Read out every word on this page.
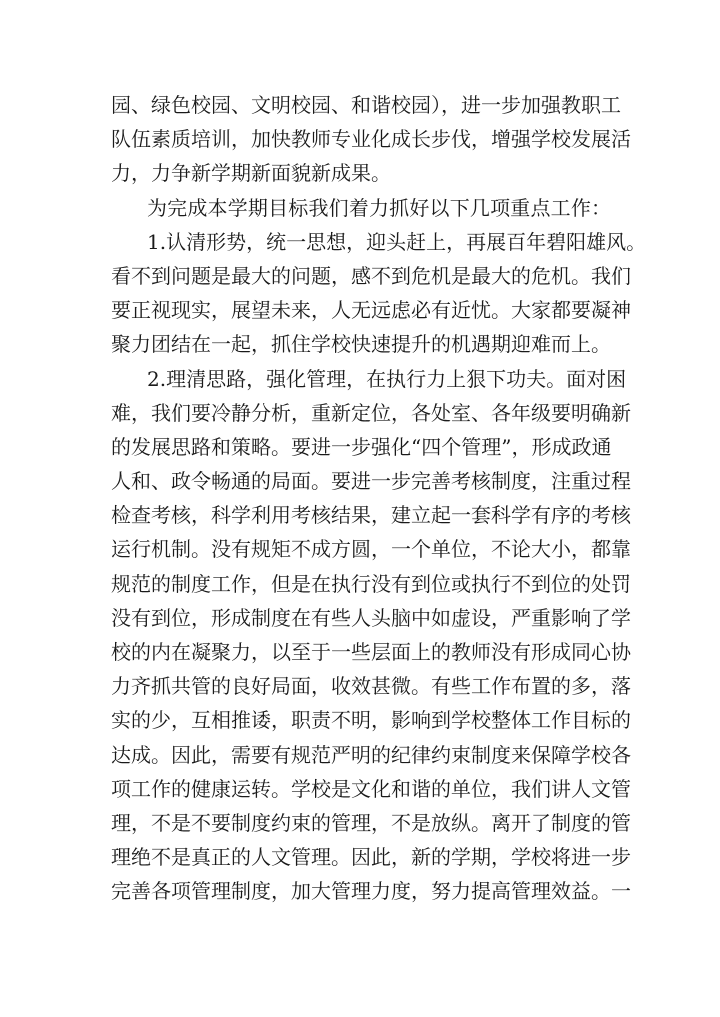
园、绿色校园、文明校园、和谐校园），进一步加强教职工
队伍素质培训，加快教师专业化成长步伐，增强学校发展活
力，力争新学期新面貌新成果。
为完成本学期目标我们着力抓好以下几项重点工作：
1.认清形势，统一思想，迎头赶上，再展百年碧阳雄风。
看不到问题是最大的问题，感不到危机是最大的危机。我们
要正视现实，展望未来，人无远虑必有近忧。大家都要凝神
聚力团结在一起，抓住学校快速提升的机遇期迎难而上。
2.理清思路，强化管理，在执行力上狠下功夫。面对困
难，我们要冷静分析，重新定位，各处室、各年级要明确新
的发展思路和策略。要进一步强化“四个管理”，形成政通
人和、政令畅通的局面。要进一步完善考核制度，注重过程
检查考核，科学利用考核结果，建立起一套科学有序的考核
运行机制。没有规矩不成方圆，一个单位，不论大小，都靠
规范的制度工作，但是在执行没有到位或执行不到位的处罚
没有到位，形成制度在有些人头脑中如虚设，严重影响了学
校的内在凝聚力，以至于一些层面上的教师没有形成同心协
力齐抓共管的良好局面，收效甚微。有些工作布置的多，落
实的少，互相推诿，职责不明，影响到学校整体工作目标的
达成。因此，需要有规范严明的纪律约束制度来保障学校各
项工作的健康运转。学校是文化和谐的单位，我们讲人文管
理，不是不要制度约束的管理，不是放纵。离开了制度的管
理绝不是真正的人文管理。因此，新的学期，学校将进一步
完善各项管理制度，加大管理力度，努力提高管理效益。一
